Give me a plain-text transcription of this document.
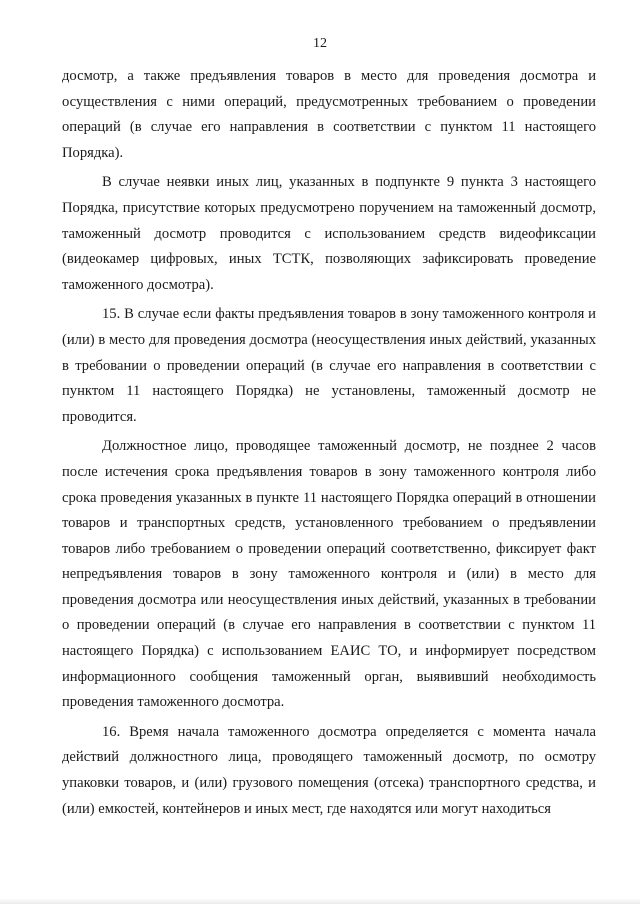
12

досмотр, а также предъявления товаров в место для проведения досмотра и осуществления с ними операций, предусмотренных требованием о проведении операций (в случае его направления в соответствии с пунктом 11 настоящего Порядка).

В случае неявки иных лиц, указанных в подпункте 9 пункта 3 настоящего Порядка, присутствие которых предусмотрено поручением на таможенный досмотр, таможенный досмотр проводится с использованием средств видеофиксации (видеокамер цифровых, иных ТСТК, позволяющих зафиксировать проведение таможенного досмотра).

15. В случае если факты предъявления товаров в зону таможенного контроля и (или) в место для проведения досмотра (неосуществления иных действий, указанных в требовании о проведении операций (в случае его направления в соответствии с пунктом 11 настоящего Порядка) не установлены, таможенный досмотр не проводится.

Должностное лицо, проводящее таможенный досмотр, не позднее 2 часов после истечения срока предъявления товаров в зону таможенного контроля либо срока проведения указанных в пункте 11 настоящего Порядка операций в отношении товаров и транспортных средств, установленного требованием о предъявлении товаров либо требованием о проведении операций соответственно, фиксирует факт непредъявления товаров в зону таможенного контроля и (или) в место для проведения досмотра или неосуществления иных действий, указанных в требовании о проведении операций (в случае его направления в соответствии с пунктом 11 настоящего Порядка) с использованием ЕАИС ТО, и информирует посредством информационного сообщения таможенный орган, выявивший необходимость проведения таможенного досмотра.

16. Время начала таможенного досмотра определяется с момента начала действий должностного лица, проводящего таможенный досмотр, по осмотру упаковки товаров, и (или) грузового помещения (отсека) транспортного средства, и (или) емкостей, контейнеров и иных мест, где находятся или могут находиться
